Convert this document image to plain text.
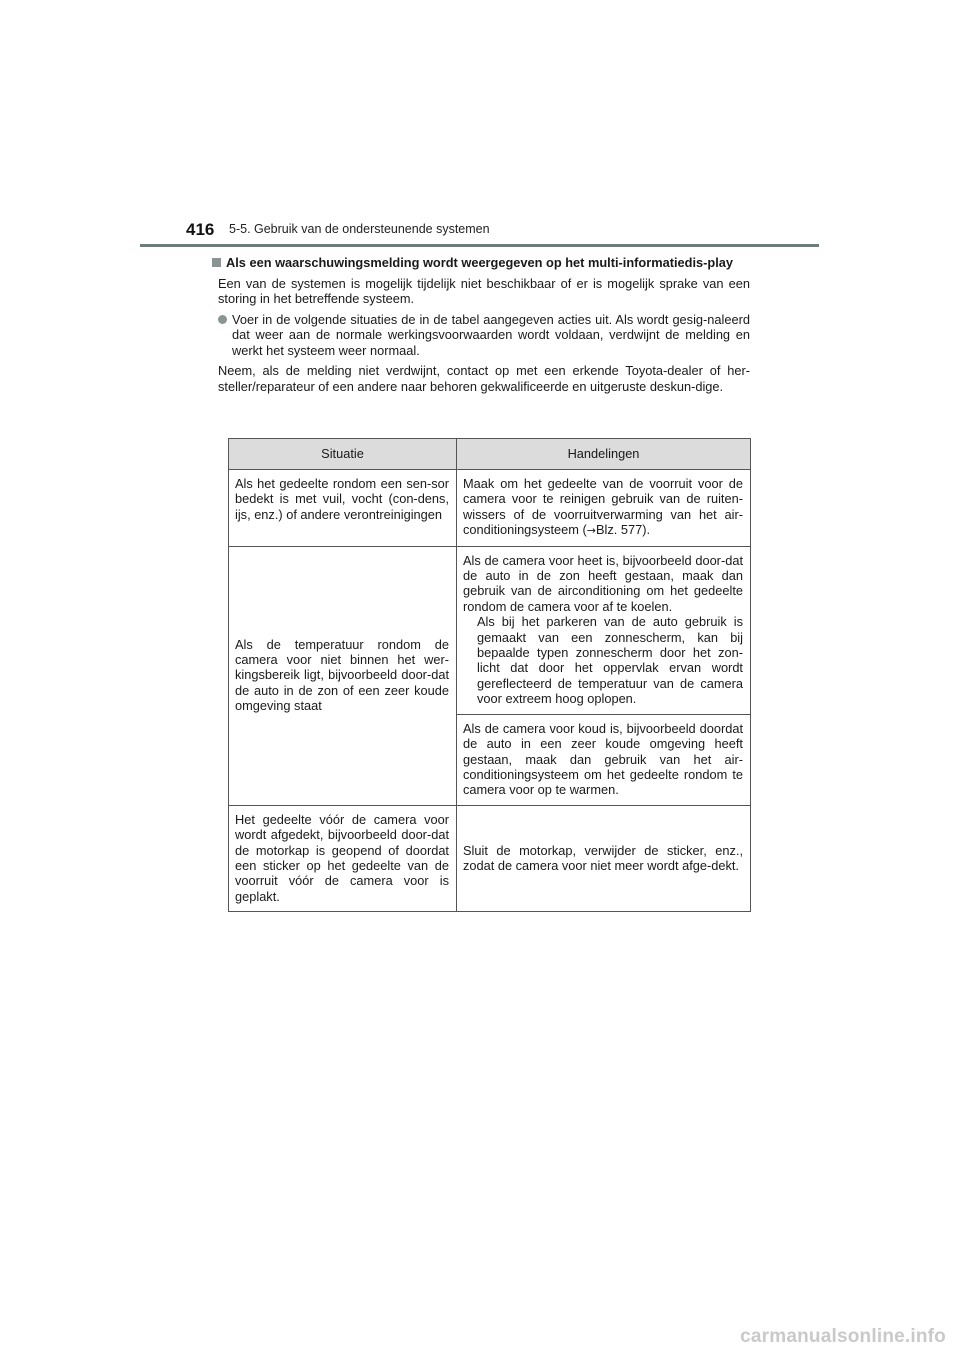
416 5-5. Gebruik van de ondersteunende systemen
Als een waarschuwingsmelding wordt weergegeven op het multi-informatiedis-play
Een van de systemen is mogelijk tijdelijk niet beschikbaar of er is mogelijk sprake van een storing in het betreffende systeem.
Voer in de volgende situaties de in de tabel aangegeven acties uit. Als wordt gesig-naleerd dat weer aan de normale werkingsvoorwaarden wordt voldaan, verdwijnt de melding en werkt het systeem weer normaal.
Neem, als de melding niet verdwijnt, contact op met een erkende Toyota-dealer of her-steller/reparateur of een andere naar behoren gekwalificeerde en uitgeruste deskun-dige.
Situatie	Handelingen
Als het gedeelte rondom een sen-sor bedekt is met vuil, vocht (con-dens, ijs, enz.) of andere verontreinigingen	Maak om het gedeelte van de voorruit voor de camera voor te reinigen gebruik van de ruiten-wissers of de voorruitverwarming van het air-conditioningsysteem (→Blz. 577).
Als de temperatuur rondom de camera voor niet binnen het wer-kingsbereik ligt, bijvoorbeeld door-dat de auto in de zon of een zeer koude omgeving staat	Als de camera voor heet is, bijvoorbeeld door-dat de auto in de zon heeft gestaan, maak dan gebruik van de airconditioning om het gedeelte rondom de camera voor af te koelen.
Als bij het parkeren van de auto gebruik is gemaakt van een zonnescherm, kan bij bepaalde typen zonnescherm door het zon-licht dat door het oppervlak ervan wordt gereflecteerd de temperatuur van de camera voor extreem hoog oplopen.

	Als de camera voor koud is, bijvoorbeeld doordat de auto in een zeer koude omgeving heeft gestaan, maak dan gebruik van het air-conditioningsysteem om het gedeelte rondom te camera voor op te warmen.
Het gedeelte vóór de camera voor wordt afgedekt, bijvoorbeeld door-dat de motorkap is geopend of doordat een sticker op het gedeelte van de voorruit vóór de camera voor is geplakt.	Sluit de motorkap, verwijder de sticker, enz., zodat de camera voor niet meer wordt afge-dekt.
carmanualsonline.info
